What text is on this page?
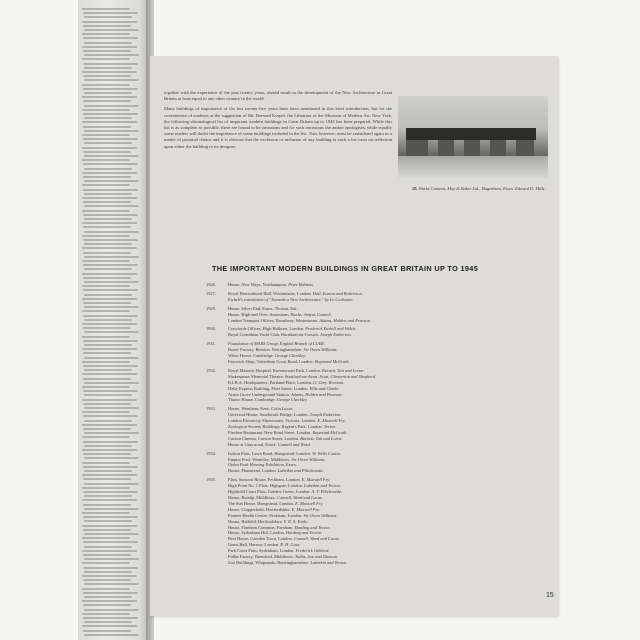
together with the experience of the past twenty years, should result in the development of the New Architecture in Great Britain at least equal to any other country in the world.

Many buildings of importance of the last twenty-five years have been mentioned in this brief introduction, but for the convenience of students at the suggestion of Mr. Bernard Kurpel, the Librarian of the Museum of Modern Art, New York, the following chronological list of important modern buildings in Great Britain up to 1945 has been prepared. While this list is as complete as possible, there are bound to be omissions and for such omissions the author apologises, while equally some readers will doubt the importance of some buildings included in the list. This, however, must be considered again as a matter of personal choice and it is obvious that the exclusion or inclusion of any building in such a list casts no reflection upon either the building or its designer.

18. Works Canteen, May & Baker Ltd., Dagenham, Essex. Edward D. Mills.
THE IMPORTANT MODERN BUILDINGS IN GREAT BRITAIN UP TO 1945
1926.	House, New Ways, Northampton. Peter Behrens.
1927.	Royal Horticultural Hall, Westminster, London. Hall, Easton and Robertson.
Etchell's translation of "Towards a New Architecture," by Le Corbusier.
1929.	House, Silver End, Essex. Thomas Tait.
House, High and Over, Amersham, Bucks. Amyas Connell.
London Transport Offices, Broadway, Westminster. Adams, Holden and Pearson.
1930.	Crawfords Offices, High Holborn, London. Frederick Etchell and Welch.
Royal Corinthian Yacht Club, Burnham-on-Crouch. Joseph Emberton.
1931.	Foundation of MARS Group, English Branch of CIAM.
Boots' Factory, Beeston, Nottinghamshire. Sir Owen Williams.
White House, Cambridge. George Checkley.
Earswick Shop, Tottenham Court Road, London. Raymond McGrath.
1932.	Royal Masonic Hospital, Ravenscourt Park, London. Burnett, Tait and Lorne.
Shakespeare Memorial Theatre, Stratford-on-Avon. Scott, Chesterton and Shepherd.
R.I.B.A. Headquarters, Portland Place, London. G. Grey Wornum.
Daily Express Building, Fleet Street, London. Ellis and Clarke.
Arnos Grove Underground Station. Adams, Holden and Pearson.
Thurso House, Cambridge. George Checkley.
1933.	House, Wentham, Kent. Colin Lucas.
Universal House, Southwark Bridge, London. Joseph Emberton.
London Electricity Showrooms, Victoria, London. E. Maxwell Fry.
Zoological Society Buildings, Regent's Park, London. Tecton.
Finchen Restaurant, New Bond Street, London. Raymond McGrath.
Curzon Cinema, Curzon Street, London. Burnett, Tait and Lorne.
House at Graywood, Essex. Connell and Ward.
1934.	Isokon Flats, Lawn Road, Hampstead, London. W. Wells Coates.
Empire Pool, Wembley, Middlesex. Sir Owen Williams.
Gidea Park Housing Exhibition, Essex.
House, Plumstead, London. Lubetkin and Pilichowski.
1935.	Flats, Sassoon House, Peckham, London. E. Maxwell Fry.
High Point No. 1 Flats, Highgate, London. Lubetkin and Tecton.
Highfield Court Flats, Golders Green, London. A. V. Pilichowski.
House, Ruislip, Middlesex. Connell, Ward and Lucas.
The Sun House, Hampstead, London. E. Maxwell Fry.
House, Chipperfield, Hertfordshire. E. Maxwell Fry.
Pioneer Health Centre, Peckham, London. Sir Owen Williams.
House, Hatfield, Hertfordshire. F. R. S. Yorke.
House, Farnham Common, Farnham. Harding and Tecton.
House, Sydenham Hill, London. Harding and Tecton.
Rest House, Camden Town, London. Connell, Ward and Lucas.
Gems Hall, Harrow, London. R. H. Goss.
Park Court Flats, Sydenham, London. Frederick Gibberd.
Pullin Factory, Brentford, Middlesex. Tubbs, Son and Duncan.
Zoo Buildings, Whipsnade, Buckinghamshire. Lubetkin and Tecton.
15
